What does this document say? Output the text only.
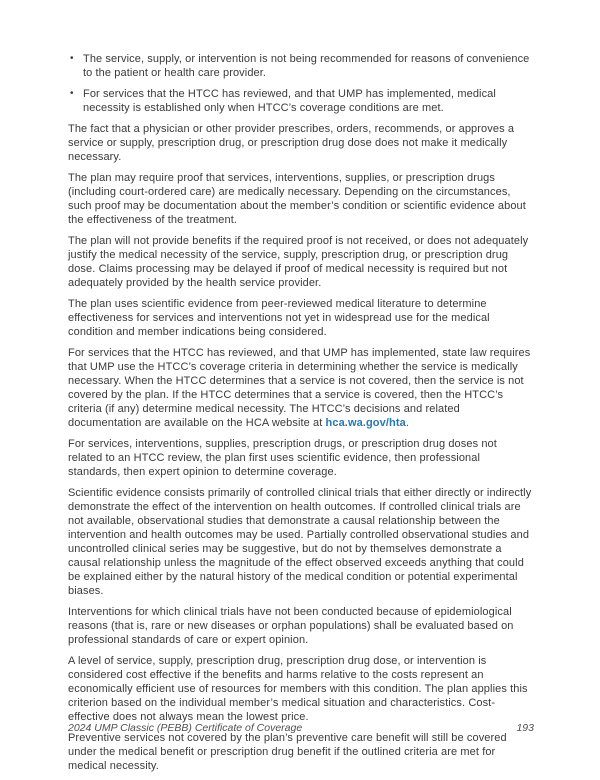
• The service, supply, or intervention is not being recommended for reasons of convenience to the patient or health care provider.
• For services that the HTCC has reviewed, and that UMP has implemented, medical necessity is established only when HTCC’s coverage conditions are met.

The fact that a physician or other provider prescribes, orders, recommends, or approves a service or supply, prescription drug, or prescription drug dose does not make it medically necessary.

The plan may require proof that services, interventions, supplies, or prescription drugs (including court-ordered care) are medically necessary. Depending on the circumstances, such proof may be documentation about the member’s condition or scientific evidence about the effectiveness of the treatment.

The plan will not provide benefits if the required proof is not received, or does not adequately justify the medical necessity of the service, supply, prescription drug, or prescription drug dose. Claims processing may be delayed if proof of medical necessity is required but not adequately provided by the health service provider.

The plan uses scientific evidence from peer-reviewed medical literature to determine effectiveness for services and interventions not yet in widespread use for the medical condition and member indications being considered.

For services that the HTCC has reviewed, and that UMP has implemented, state law requires that UMP use the HTCC’s coverage criteria in determining whether the service is medically necessary. When the HTCC determines that a service is not covered, then the service is not covered by the plan. If the HTCC determines that a service is covered, then the HTCC’s criteria (if any) determine medical necessity. The HTCC’s decisions and related documentation are available on the HCA website at hca.wa.gov/hta.

For services, interventions, supplies, prescription drugs, or prescription drug doses not related to an HTCC review, the plan first uses scientific evidence, then professional standards, then expert opinion to determine coverage.

Scientific evidence consists primarily of controlled clinical trials that either directly or indirectly demonstrate the effect of the intervention on health outcomes. If controlled clinical trials are not available, observational studies that demonstrate a causal relationship between the intervention and health outcomes may be used. Partially controlled observational studies and uncontrolled clinical series may be suggestive, but do not by themselves demonstrate a causal relationship unless the magnitude of the effect observed exceeds anything that could be explained either by the natural history of the medical condition or potential experimental biases.

Interventions for which clinical trials have not been conducted because of epidemiological reasons (that is, rare or new diseases or orphan populations) shall be evaluated based on professional standards of care or expert opinion.

A level of service, supply, prescription drug, prescription drug dose, or intervention is considered cost effective if the benefits and harms relative to the costs represent an economically efficient use of resources for members with this condition. The plan applies this criterion based on the individual member’s medical situation and characteristics. Cost-effective does not always mean the lowest price.

Preventive services not covered by the plan’s preventive care benefit will still be covered under the medical benefit or prescription drug benefit if the outlined criteria are met for medical necessity.

2024 UMP Classic (PEBB) Certificate of Coverage	193
